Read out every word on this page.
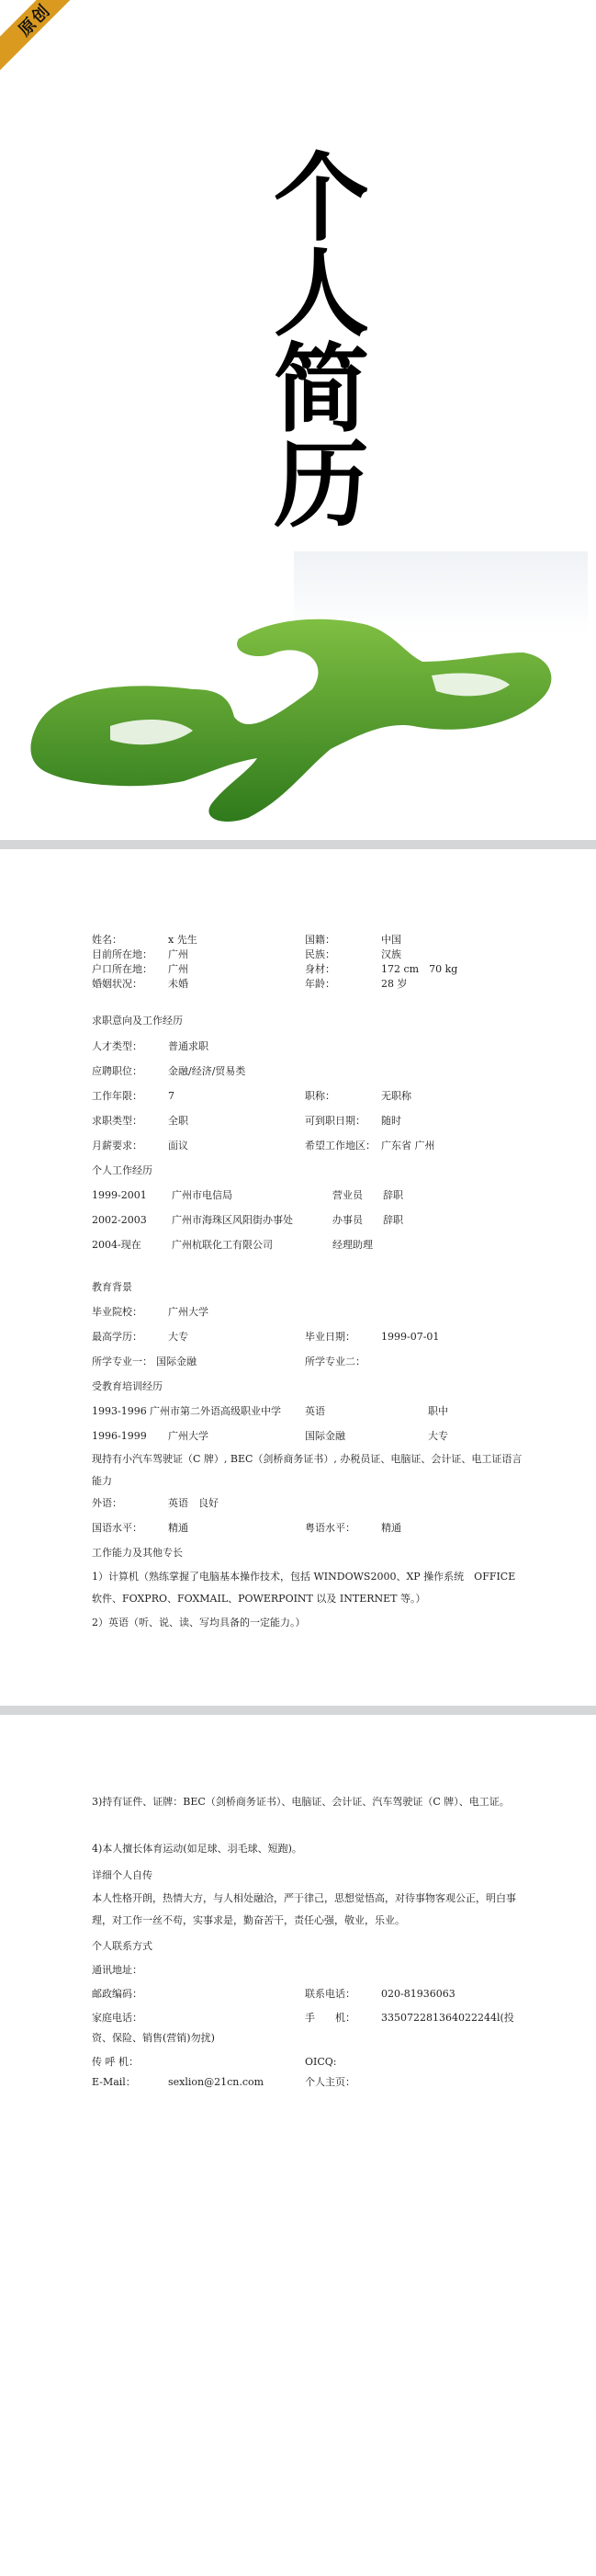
原创
个人简历
姓名：	x 先生	国籍：	中国
目前所在地： 广州	民族：	汉族
户口所在地： 广州	身材：	172 cm　70 kg
婚姻状况：	未婚	年龄：	28 岁
求职意向及工作经历
人才类型：	普通求职
应聘职位：	金融/经济/贸易类
工作年限：	7	职称：	无职称
求职类型：	全职	可到职日期： 随时
月薪要求：	面议	希望工作地区： 广东省 广州
个人工作经历
1999-2001 广州市电信局	营业员 辞职
2002-2003 广州市海珠区风阳街办事处	办事员 辞职
2004-现在	广州杭联化工有限公司	经理助理
教育背景
毕业院校：	广州大学
最高学历：	大专	毕业日期：	1999-07-01
所学专业一： 国际金融	所学专业二：
受教育培训经历
1993-1996 广州市第二外语高级职业中学 英语	职中
1996-1999 广州大学	国际金融	大专
现持有小汽车驾驶证（C 牌）, BEC（剑桥商务证书）, 办税员证、电脑证、会计证、电工证语言能力
外语：	英语　良好
国语水平：	精通	粤语水平：	精通
工作能力及其他专长
1）计算机（熟练掌握了电脑基本操作技术，包括 WINDOWS2000、XP 操作系统　OFFICE 软件、FOXPRO、FOXMAIL、POWERPOINT 以及 INTERNET 等。）
2）英语（听、说、读、写均具备的一定能力。）
3)持有证件、证牌：BEC（剑桥商务证书）、电脑证、会计证、汽车驾驶证（C 牌）、电工证。
4)本人擅长体育运动(如足球、羽毛球、短跑)。
详细个人自传
本人性格开朗，热情大方，与人相处融洽，严于律己，思想觉悟高，对待事物客观公正，明白事理，对工作一丝不苟，实事求是，勤奋苦干，责任心强，敬业，乐业。
个人联系方式
通讯地址：
邮政编码：	联系电话：	020-81936063
家庭电话：	手　　机：	335072281364022244l(投
资、保险、销售(营销)勿扰)
传 呼 机：	OICQ:
E-Mail：	sexlion@21cn.com	个人主页：
